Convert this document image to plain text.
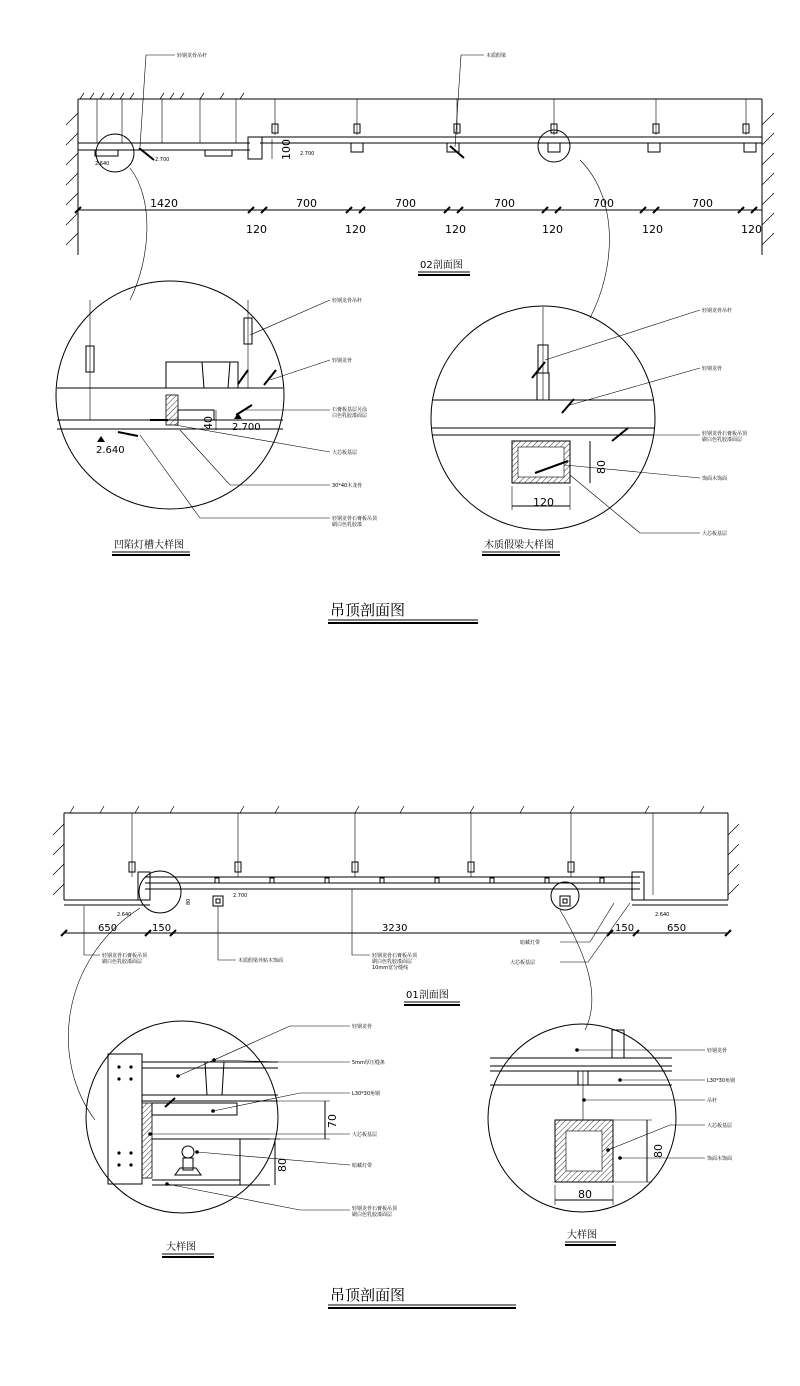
轻钢龙骨吊杆	木质假梁
100
2.700
2.640
2.700
1420	700	700	700	700	700
120	120	120	120	120	120
02剖面图
40 2.700
2.640
轻钢龙骨吊杆
轻钢龙骨
石膏板基层另涂白色乳胶漆面层
大芯板基层
30*40木龙骨
轻钢龙骨石膏板吊顶刷白色乳胶漆
凹陷灯槽大样图
120
80
轻钢龙骨吊杆
轻钢龙骨
轻钢龙骨石膏板吊顶刷白色乳胶漆面层
饰面木饰面
大芯板基层
木质假梁大样图
吊顶剖面图
2.640
2.700
2.640
80
650	150	3230	150	650
轻钢龙骨石膏板吊顶刷白色乳胶漆面层	木质假梁外贴木饰面
轻钢龙骨石膏板吊顶刷白色乳胶漆面层 10mm宽分缝线
暗藏灯带
大芯板基层
01剖面图
70
80
轻钢龙骨
5mm厚压缝条
L30*30角钢
大芯板基层
暗藏灯带
轻钢龙骨石膏板吊顶刷白色乳胶漆面层
大样图
80
80
轻钢龙骨
L30*30角钢
吊杆
大芯板基层
饰面木饰面
大样图
吊顶剖面图
